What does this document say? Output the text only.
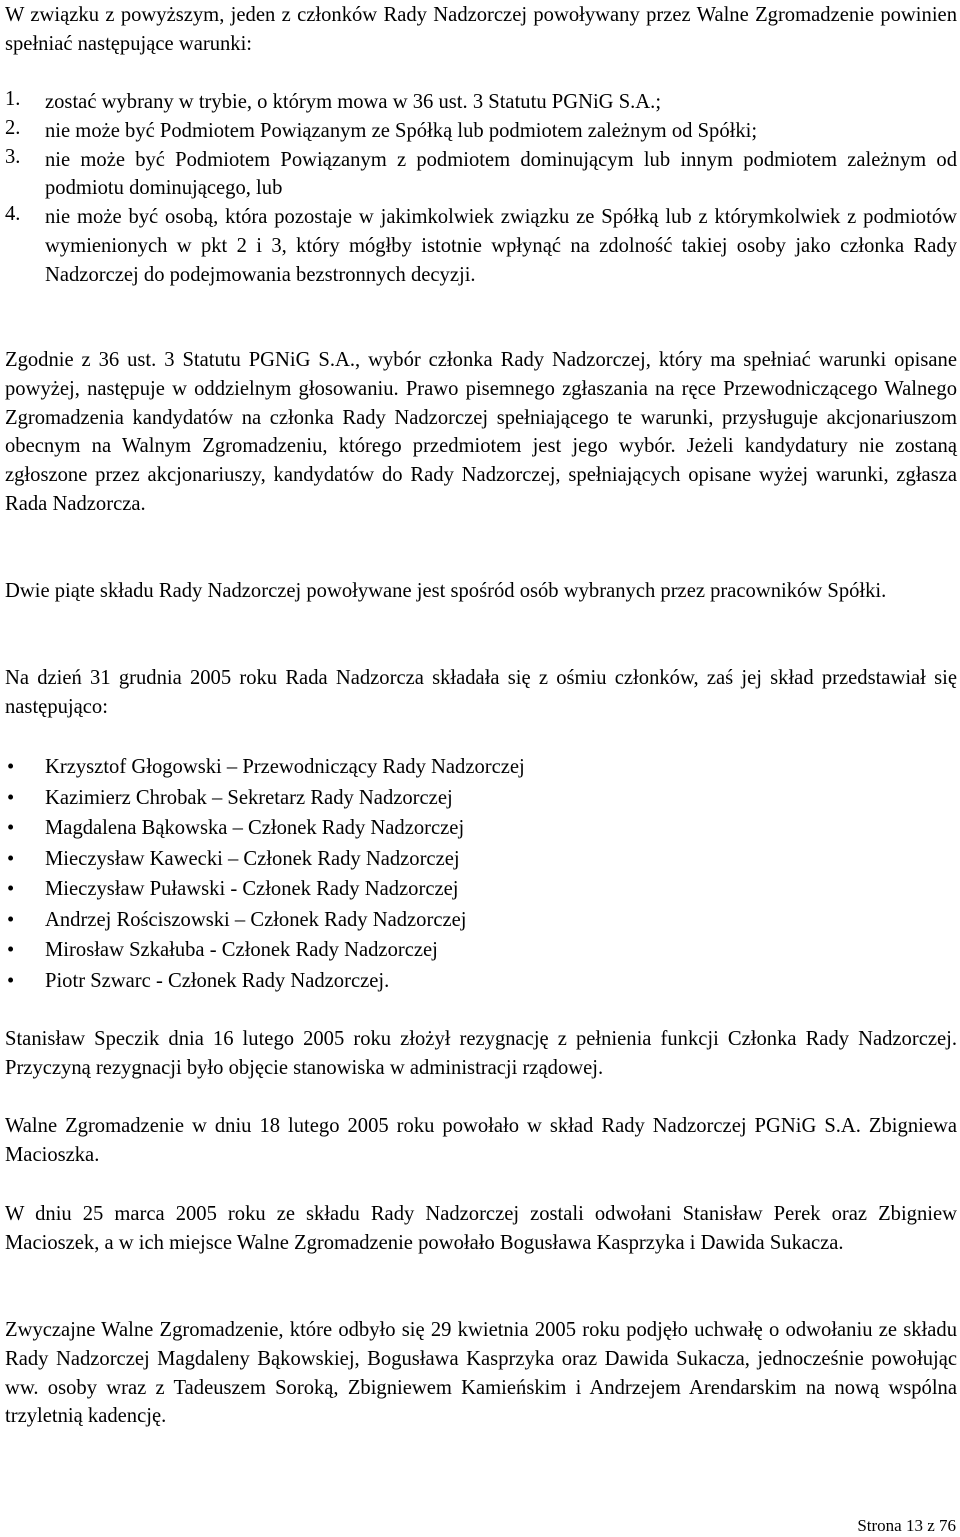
W związku z powyższym, jeden z członków Rady Nadzorczej powoływany przez Walne Zgromadzenie powinien spełniać następujące warunki:

1.	zostać wybrany w trybie, o którym mowa w 36 ust. 3 Statutu PGNiG S.A.;
2.	nie może być Podmiotem Powiązanym ze Spółką lub podmiotem zależnym od Spółki;
3.	nie może być Podmiotem Powiązanym z podmiotem dominującym lub innym podmiotem zależnym od podmiotu dominującego, lub
4.	nie może być osobą, która pozostaje w jakimkolwiek związku ze Spółką lub z którymkolwiek z podmiotów wymienionych w pkt 2 i 3, który mógłby istotnie wpłynąć na zdolność takiej osoby jako członka Rady Nadzorczej do podejmowania bezstronnych decyzji.

Zgodnie z 36 ust. 3 Statutu PGNiG S.A., wybór członka Rady Nadzorczej, który ma spełniać warunki opisane powyżej, następuje w oddzielnym głosowaniu. Prawo pisemnego zgłaszania na ręce Przewodniczącego Walnego Zgromadzenia kandydatów na członka Rady Nadzorczej spełniającego te warunki, przysługuje akcjonariuszom obecnym na Walnym Zgromadzeniu, którego przedmiotem jest jego wybór. Jeżeli kandydatury nie zostaną zgłoszone przez akcjonariuszy, kandydatów do Rady Nadzorczej, spełniających opisane wyżej warunki, zgłasza Rada Nadzorcza.

Dwie piąte składu Rady Nadzorczej powoływane jest spośród osób wybranych przez pracowników Spółki.

Na dzień 31 grudnia 2005 roku Rada Nadzorcza składała się z ośmiu członków, zaś jej skład przedstawiał się następująco:

•	Krzysztof Głogowski – Przewodniczący Rady Nadzorczej
•	Kazimierz Chrobak – Sekretarz Rady Nadzorczej
•	Magdalena Bąkowska – Członek Rady Nadzorczej
•	Mieczysław Kawecki – Członek Rady Nadzorczej
•	Mieczysław Puławski - Członek Rady Nadzorczej
•	Andrzej Rościszowski – Członek Rady Nadzorczej
•	Mirosław Szkałuba - Członek Rady Nadzorczej
•	Piotr Szwarc - Członek Rady Nadzorczej.

Stanisław Speczik dnia 16 lutego 2005 roku złożył rezygnację z pełnienia funkcji Członka Rady Nadzorczej. Przyczyną rezygnacji było objęcie stanowiska w administracji rządowej.

Walne Zgromadzenie w dniu 18 lutego 2005 roku powołało w skład Rady Nadzorczej PGNiG S.A. Zbigniewa Macioszka.

W dniu 25 marca 2005 roku ze składu Rady Nadzorczej zostali odwołani Stanisław Perek oraz Zbigniew Macioszek, a w ich miejsce Walne Zgromadzenie powołało Bogusława Kasprzyka i Dawida Sukacza.

Zwyczajne Walne Zgromadzenie, które odbyło się 29 kwietnia 2005 roku podjęło uchwałę o odwołaniu ze składu Rady Nadzorczej Magdaleny Bąkowskiej, Bogusława Kasprzyka oraz Dawida Sukacza, jednocześnie powołując ww. osoby wraz z Tadeuszem Soroką, Zbigniewem Kamieńskim i Andrzejem Arendarskim na nową wspólna trzyletnią kadencję.

Strona 13 z 76
